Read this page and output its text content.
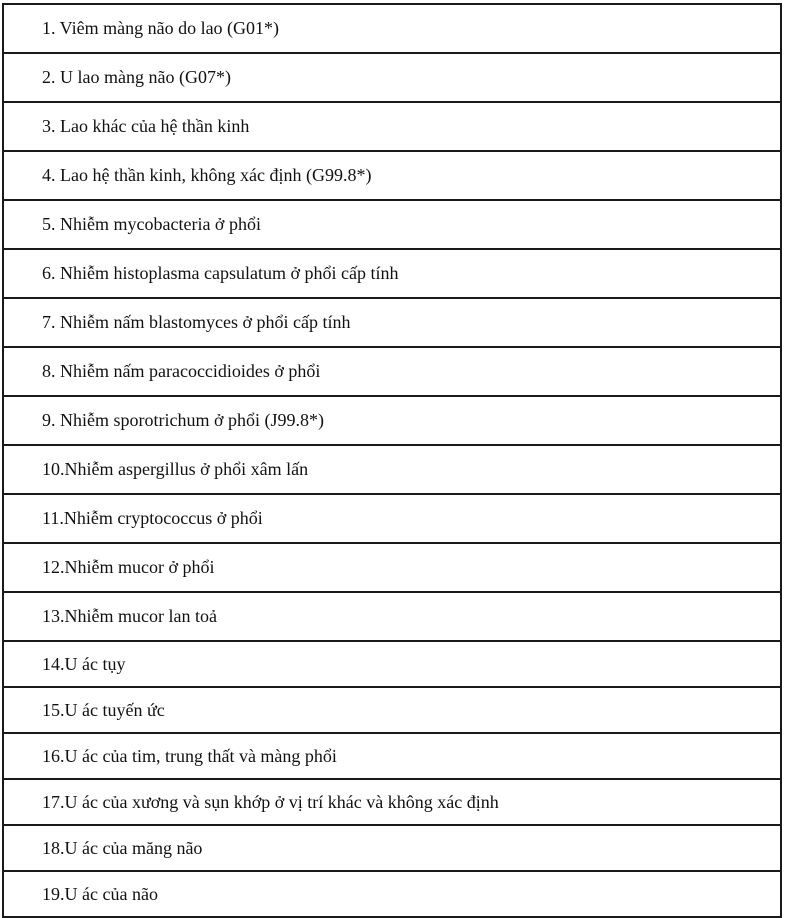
1. Viêm màng não do lao (G01*)
2. U lao màng não (G07*)
3. Lao khác của hệ thần kinh
4. Lao hệ thần kinh, không xác định (G99.8*)
5. Nhiễm mycobacteria ở phổi
6. Nhiễm histoplasma capsulatum ở phổi cấp tính
7. Nhiễm nấm blastomyces ở phổi cấp tính
8. Nhiễm nấm paracoccidioides ở phổi
9. Nhiễm sporotrichum ở phổi (J99.8*)
10.Nhiễm aspergillus ở phổi xâm lấn
11.Nhiễm cryptococcus ở phổi
12.Nhiễm mucor ở phổi
13.Nhiễm mucor lan toả
14.U ác tụy
15.U ác tuyến ức
16.U ác của tim, trung thất và màng phổi
17.U ác của xương và sụn khớp ở vị trí khác và không xác định
18.U ác của măng não
19.U ác của não
